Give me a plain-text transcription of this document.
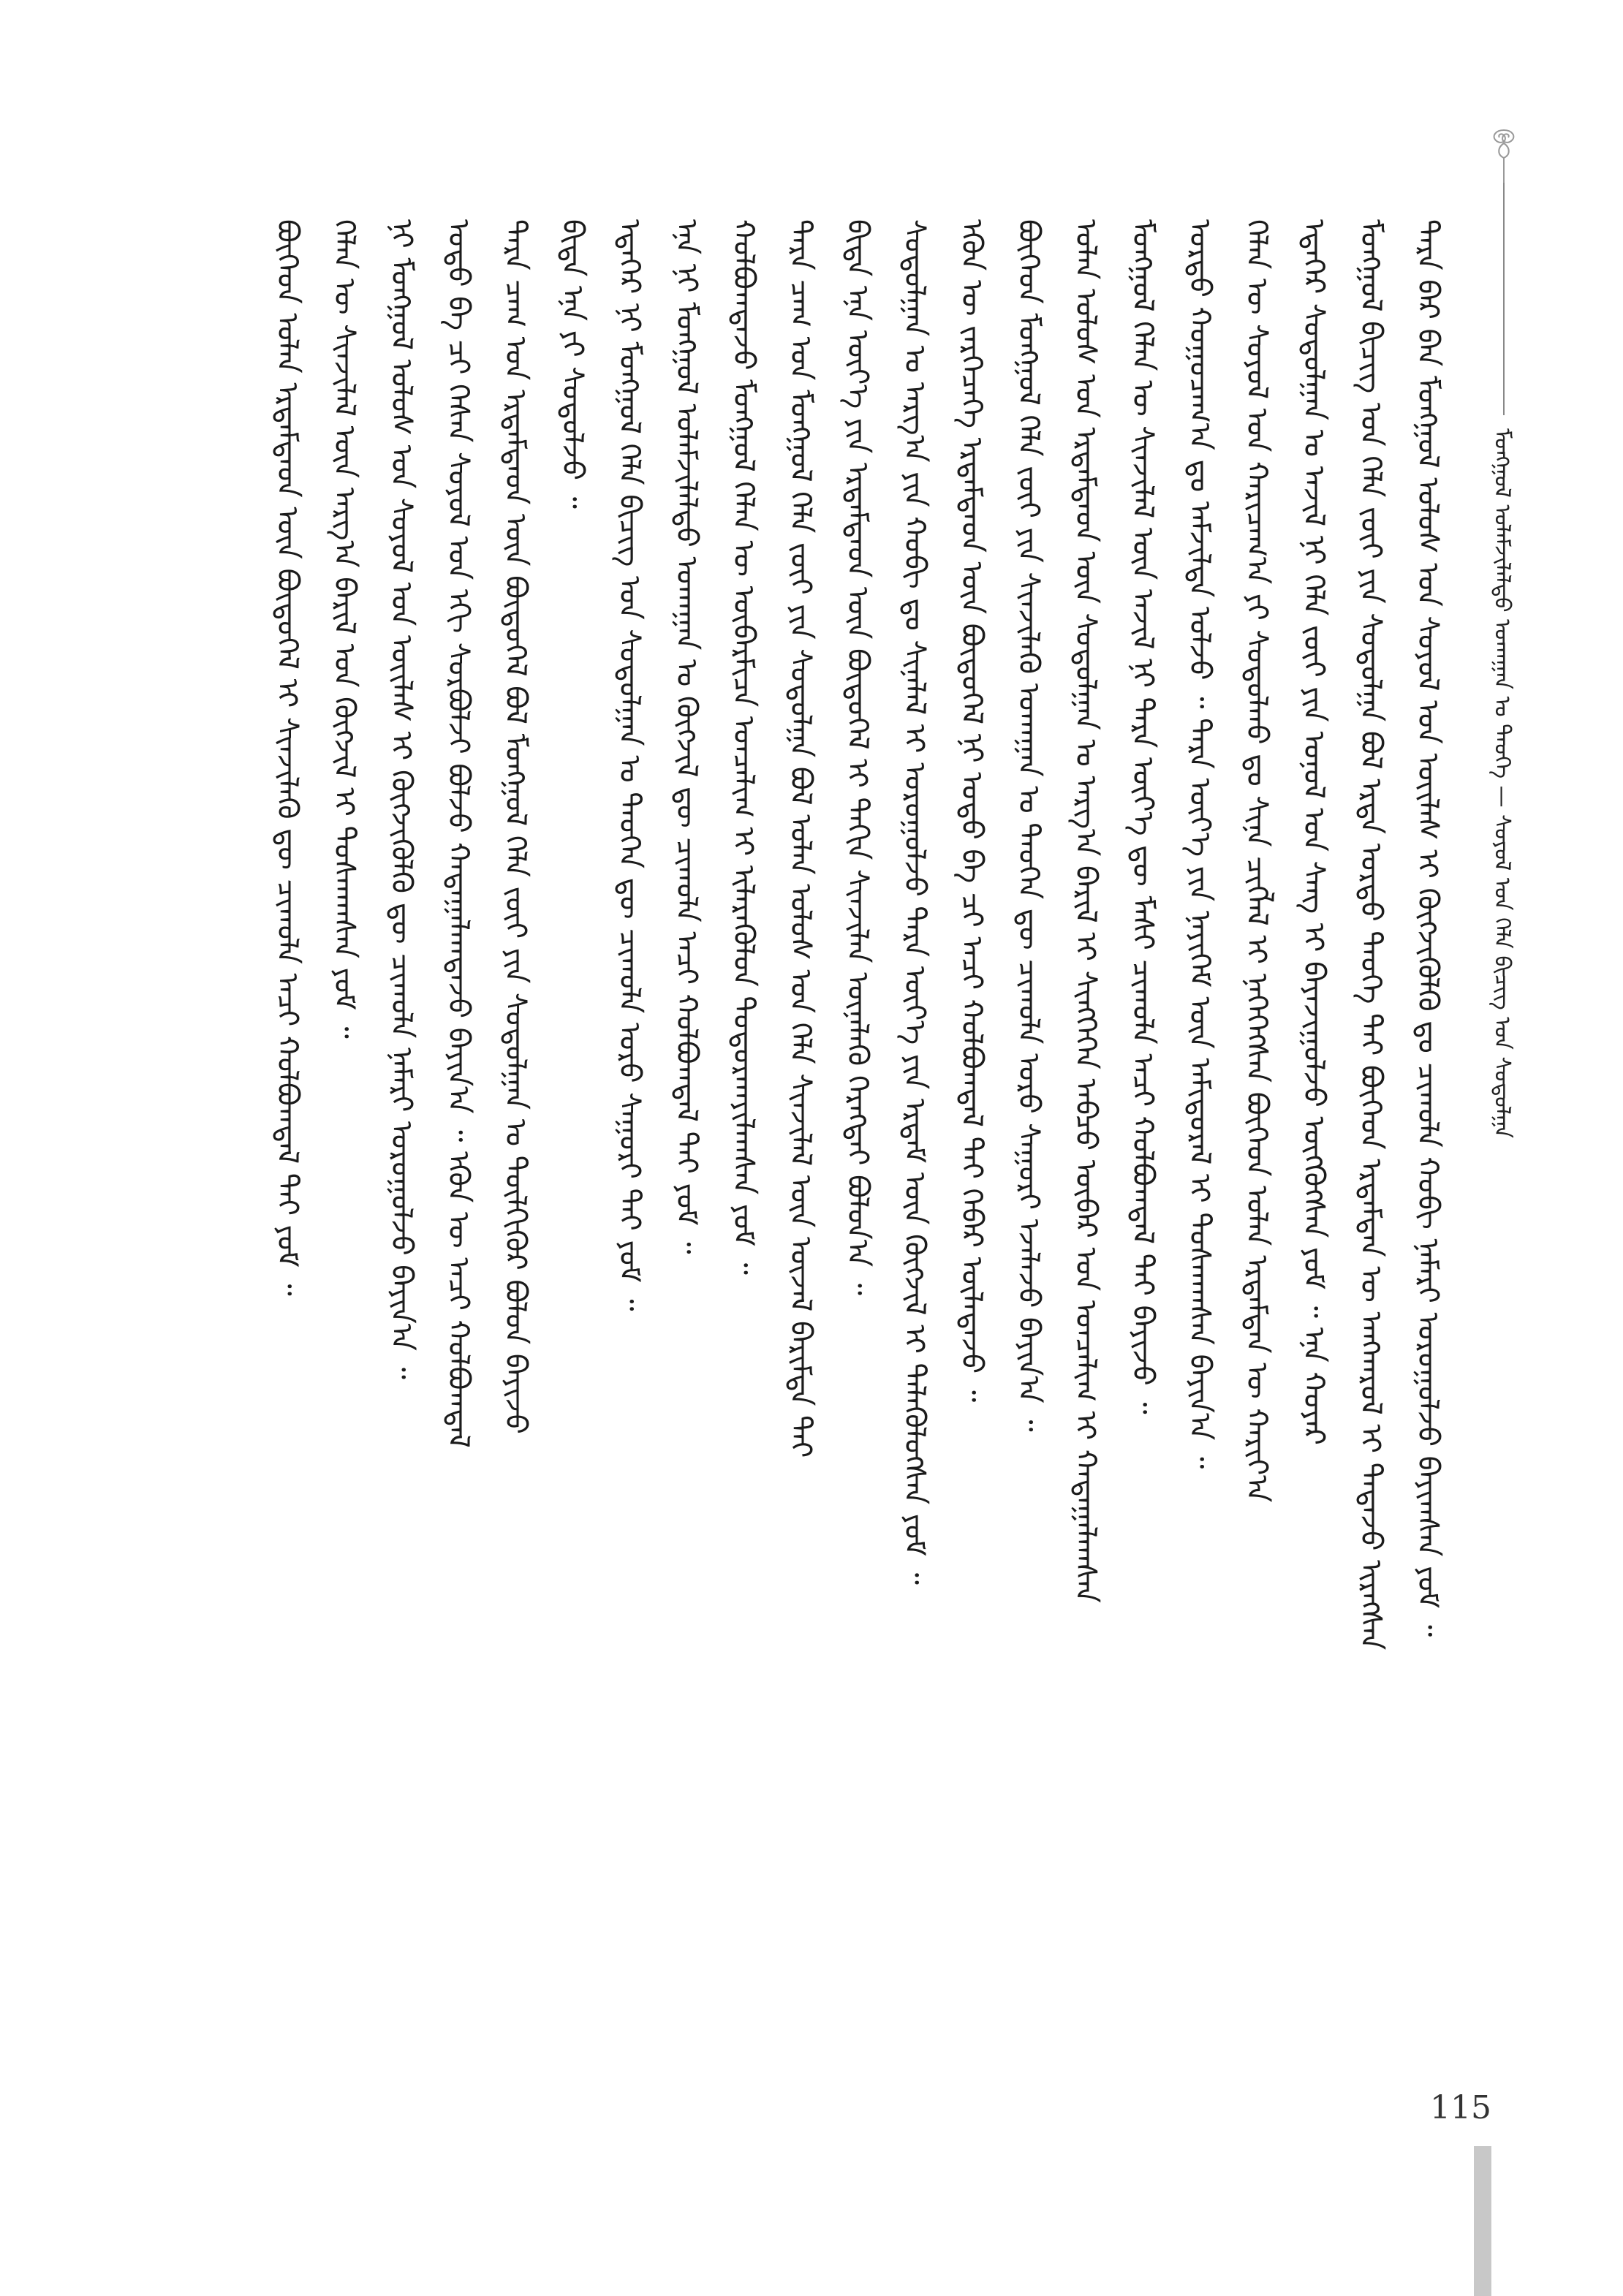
ᠮᠣᠩᠭᠣᠯ ᠤᠯᠠᠮᠵᠢᠯᠠᠯᠲᠣ ᠤᠬᠠᠭᠠᠨ ᠤ ᠲᠡᠦᠬᠡ — ᠰᠣᠶᠣᠯ ᠤᠨ ᠬᠡᠯᠡ ᠪᠢᠴᠢᠭ ᠤᠨ ᠰᠤᠳᠤᠯᠭᠠ
ᠲᠡᠷᠡ ᠪᠡᠷ ᠪᠠᠨ ᠮᠣᠩᠭᠣᠯ ᠤᠯᠤᠰ ᠤᠨ ᠰᠣᠶᠣᠯ ᠤᠨ ᠦᠢᠯᠡᠰ ᠢ ᠬᠦᠭᠵᠢᠭᠦᠯᠬᠦ ᠳᠤ ᠴᠢᠬᠤᠯᠠ ᠬᠤᠪᠢ ᠨᠡᠮᠡᠷᠢ ᠣᠷᠣᠭᠤᠯᠵᠤ ᠪᠠᠶᠢᠭᠰᠠᠨ ᠶᠤᠮ ᠃
ᠮᠣᠩᠭᠣᠯ ᠪᠢᠴᠢᠭ ᠤᠨ ᠬᠡᠯᠡ ᠵᠦᠢ ᠶᠢᠨ ᠰᠤᠳᠤᠯᠭᠠ ᠪᠣᠯ ᠡᠷᠲᠡ ᠤᠷᠲᠤ ᠲᠡᠦᠬᠡ ᠲᠠᠢ ᠪᠥᠭᠡᠳ ᠡᠷᠳᠡᠮᠲᠡᠨ ᠦ ᠠᠩᠬᠠᠷᠤᠯ ᠢ ᠲᠠᠲᠠᠵᠤ ᠢᠷᠡᠭᠰᠡᠨ
ᠡᠳᠡᠭᠡᠷ ᠰᠤᠳᠤᠯᠭᠠᠨ ᠤ ᠠᠵᠢᠯ ᠨᠢ ᠬᠡᠯᠡ ᠵᠦᠢ ᠶᠢᠨ ᠣᠨᠣᠯ ᠤᠨ ᠰᠠᠩ ᠢ ᠪᠠᠶᠠᠵᠢᠭᠤᠯᠵᠤ ᠥᠭᠭᠦᠭᠰᠡᠨ ᠶᠤᠮ ᠃ ᠡᠨᠡ ᠬᠣᠶᠠᠷ
ᠬᠡᠯᠡᠨ ᠦ ᠰᠣᠶᠣᠯ ᠤᠨ ᠬᠠᠷᠢᠴᠠᠭ᠎ᠠ ᠶᠢ ᠰᠣᠳᠤᠯᠬᠤ ᠳᠤ ᠰᠢᠨᠡ ᠴᠢᠭᠯᠡᠯ ᠢ ᠨᠡᠭᠡᠭᠡᠭᠰᠡᠨ ᠪᠥᠭᠡᠳ ᠣᠯᠠᠨ ᠡᠷᠳᠡᠮᠲᠡᠨ ᠦ ᠬᠠᠷᠢᠶ᠎ᠠ
ᠤᠷᠲᠤ ᠬᠤᠭᠤᠴᠠᠭ᠎ᠠ ᠳᠤ ᠠᠮᠵᠢᠯᠲᠠ ᠣᠯᠵᠤ ᠃ ᠲᠡᠷᠡ ᠦᠶ᠎ᠡ ᠶᠢᠨ ᠨᠡᠶᠢᠭᠡᠮ ᠦᠨ ᠠᠮᠢᠳᠤᠷᠠᠯ ᠢ ᠲᠤᠰᠬᠠᠭᠰᠠᠨ ᠪᠠᠶᠢᠨ᠎ᠠ ᠃
ᠮᠣᠩᠭᠣᠯ ᠬᠡᠯᠡᠨ ᠦ ᠰᠢᠨᠵᠢᠯᠡᠯ ᠦᠨ ᠠᠵᠢᠯ ᠨᠢ ᠲᠡᠷᠡ ᠦᠶ᠎ᠡ ᠳᠦ ᠮᠠᠰᠢ ᠴᠢᠬᠤᠯᠠ ᠠᠴᠢ ᠬᠣᠯᠪᠣᠭᠳᠠᠯ ᠲᠠᠢ ᠪᠠᠶᠢᠵᠤ ᠃
ᠣᠯᠠᠨ ᠤᠯᠤᠰ ᠤᠨ ᠡᠷᠳᠡᠮᠲᠡᠳ ᠦᠨ ᠰᠤᠳᠤᠯᠭᠠᠨ ᠤ ᠠᠷᠭ᠎ᠠ ᠪᠠᠷᠢᠯ ᠢ ᠰᠢᠩᠭᠡᠭᠡᠨ ᠠᠪᠴᠤ ᠥᠪᠡᠷ ᠤᠨ ᠣᠨᠴᠠᠯᠢᠭ ᠢ ᠬᠠᠳᠠᠭᠠᠯᠠᠭᠰᠠᠨ
ᠪᠥᠭᠡᠳ ᠮᠣᠩᠭᠣᠯ ᠬᠡᠯᠡ ᠵᠦᠢ ᠶᠢᠨ ᠰᠢᠨᠵᠢᠯᠡᠬᠦ ᠤᠬᠠᠭᠠᠨ ᠤ ᠲᠡᠦᠬᠡᠨ ᠳᠦ ᠴᠢᠬᠤᠯᠠ ᠣᠷᠣ ᠰᠠᠭᠤᠷᠢ ᠡᠵᠡᠯᠡᠵᠦ ᠪᠠᠶᠢᠨ᠎ᠠ ᠃
ᠡᠭᠦᠨ ᠦ ᠵᠡᠷᠭᠡᠴᠡᠭᠡ ᠡᠷᠳᠡᠮᠲᠡᠳ ᠦᠨ ᠪᠦᠲᠦᠭᠡᠯ ᠨᠢ ᠣᠳᠣ ᠪᠠ ᠴᠢ ᠠᠴᠢ ᠬᠣᠯᠪᠣᠭᠳᠠᠯ ᠲᠠᠢ ᠬᠡᠪᠡᠷ ᠦᠯᠡᠳᠡᠵᠦ ᠃
ᠰᠤᠳᠤᠯᠭᠠᠨ ᠤ ᠠᠷᠭ᠎ᠠ ᠶᠢᠨ ᠬᠤᠪᠢ ᠳᠤ ᠰᠢᠨᠡᠯᠡᠯ ᠢ ᠣᠷᠣᠭᠤᠯᠵᠤ ᠲᠡᠷᠡ ᠦᠶ᠎ᠡ ᠶᠢᠨ ᠡᠷᠳᠡᠮ ᠦᠨ ᠬᠥᠭᠵᠢᠯ ᠢ ᠲᠡᠯᠡᠭᠦᠯᠦᠭᠰᠡᠨ ᠶᠤᠮ ᠃
ᠪᠢᠳᠡ ᠡᠨᠡ ᠦᠶ᠎ᠡ ᠶᠢᠨ ᠡᠷᠳᠡᠮᠲᠡᠳ ᠦᠨ ᠪᠦᠲᠦᠭᠡᠯ ᠢ ᠳᠠᠬᠢᠨ ᠰᠢᠨᠵᠢᠯᠡᠨ ᠦᠨᠡᠯᠡᠬᠦ ᠬᠡᠷᠡᠭᠲᠡᠢ ᠪᠣᠯᠤᠨ᠎ᠠ ᠃
ᠲᠡᠷᠡ ᠴᠠᠭ ᠤᠨ ᠮᠣᠩᠭᠣᠯ ᠬᠡᠯᠡ ᠵᠦᠢ ᠶᠢᠨ ᠰᠤᠳᠤᠯᠭᠠ ᠪᠣᠯ ᠣᠯᠠᠨ ᠤᠯᠤᠰ ᠤᠨ ᠬᠡᠯᠡ ᠰᠢᠨᠵᠢᠯᠡᠯ ᠦᠨ ᠦᠵᠡᠯ ᠪᠠᠷᠢᠮᠲᠠ ᠲᠠᠢ
ᠬᠣᠯᠪᠣᠭᠳᠠᠵᠤ ᠮᠣᠩᠭᠣᠯ ᠬᠡᠯᠡᠨ ᠦ ᠥᠪᠡᠷᠮᠢᠴᠡ ᠣᠨᠴᠠᠯᠢᠭ ᠢ ᠢᠯᠡᠷᠡᠭᠦᠯᠦᠨ ᠲᠣᠳᠤᠷᠬᠠᠶᠢᠯᠠᠭᠰᠠᠨ ᠶᠤᠮ ᠃
ᠡᠨᠡ ᠨᠢ ᠮᠣᠩᠭᠣᠯ ᠤᠯᠠᠮᠵᠢᠯᠠᠯᠲᠤ ᠤᠬᠠᠭᠠᠨ ᠤ ᠬᠥᠭᠵᠢᠯ ᠳᠦ ᠴᠢᠬᠤᠯᠠ ᠠᠴᠢ ᠬᠣᠯᠪᠣᠭᠳᠠᠯ ᠲᠠᠢ ᠶᠤᠮ ᠃
ᠡᠳᠡᠭᠡᠷ ᠨᠢ ᠮᠣᠩᠭᠣᠯ ᠬᠡᠯᠡ ᠪᠢᠴᠢᠭ ᠤᠨ ᠰᠤᠳᠤᠯᠭᠠᠨ ᠤ ᠲᠡᠦᠬᠡᠨ ᠳᠦ ᠴᠢᠬᠤᠯᠠ ᠣᠷᠣ ᠰᠠᠭᠤᠷᠢ ᠲᠠᠢ ᠶᠤᠮ ᠃
ᠪᠢᠳᠡ ᠡᠨᠡ ᠶᠢ ᠰᠤᠳᠤᠯᠵᠤ ᠃
ᠲᠡᠷᠡ ᠴᠠᠭ ᠤᠨ ᠡᠷᠳᠡᠮᠲᠡᠳ ᠦᠨ ᠪᠦᠲᠦᠭᠡᠯ ᠪᠣᠯ ᠮᠣᠩᠭᠣᠯ ᠬᠡᠯᠡ ᠵᠦᠢ ᠶᠢᠨ ᠰᠤᠳᠤᠯᠭᠠᠨ ᠤ ᠲᠦᠯᠬᠢᠭᠦᠷ ᠪᠣᠯᠤᠨ ᠪᠠᠶᠢᠵᠤ
ᠣᠳᠣ ᠪᠠ ᠴᠢ ᠭᠡᠰᠡᠨ ᠰᠣᠶᠣᠯ ᠤᠨ ᠡᠬᠢ ᠰᠤᠷᠪᠤᠯᠵᠢ ᠪᠣᠯᠵᠤ ᠬᠠᠳᠠᠭᠠᠯᠠᠭᠳᠠᠵᠤ ᠪᠠᠶᠢᠨ᠎ᠠ ᠃ ᠡᠭᠦᠨ ᠦ ᠠᠴᠢ ᠬᠣᠯᠪᠣᠭᠳᠠᠯ
ᠨᠢ ᠮᠣᠩᠭᠣᠯ ᠤᠯᠤᠰ ᠤᠨ ᠰᠣᠶᠣᠯ ᠤᠨ ᠦᠢᠯᠡᠰ ᠢ ᠬᠥᠭᠵᠢᠭᠦᠯᠬᠦ ᠳᠦ ᠴᠢᠬᠤᠯᠠ ᠨᠡᠮᠡᠷᠢ ᠣᠷᠣᠭᠤᠯᠵᠤ ᠪᠠᠶᠢᠨ᠎ᠠ ᠃
ᠬᠡᠯᠡᠨ ᠦ ᠰᠢᠨᠵᠢᠯᠡᠯ ᠦᠨ ᠠᠷᠭ᠎ᠠ ᠪᠠᠷᠢᠯ ᠤᠨ ᠬᠥᠭᠵᠢᠯ ᠢ ᠲᠤᠰᠬᠠᠭᠰᠠᠨ ᠶᠤᠮ ᠃
ᠪᠥᠭᠡᠳ ᠣᠯᠠᠨ ᠡᠷᠳᠡᠮᠲᠡᠳ ᠦᠨ ᠪᠦᠲᠦᠭᠡᠯ ᠢ ᠰᠢᠨᠵᠢᠯᠡᠬᠦ ᠳᠦ ᠴᠢᠬᠤᠯᠠ ᠠᠴᠢ ᠬᠣᠯᠪᠣᠭᠳᠠᠯ ᠲᠠᠢ ᠶᠤᠮ ᠃
115
